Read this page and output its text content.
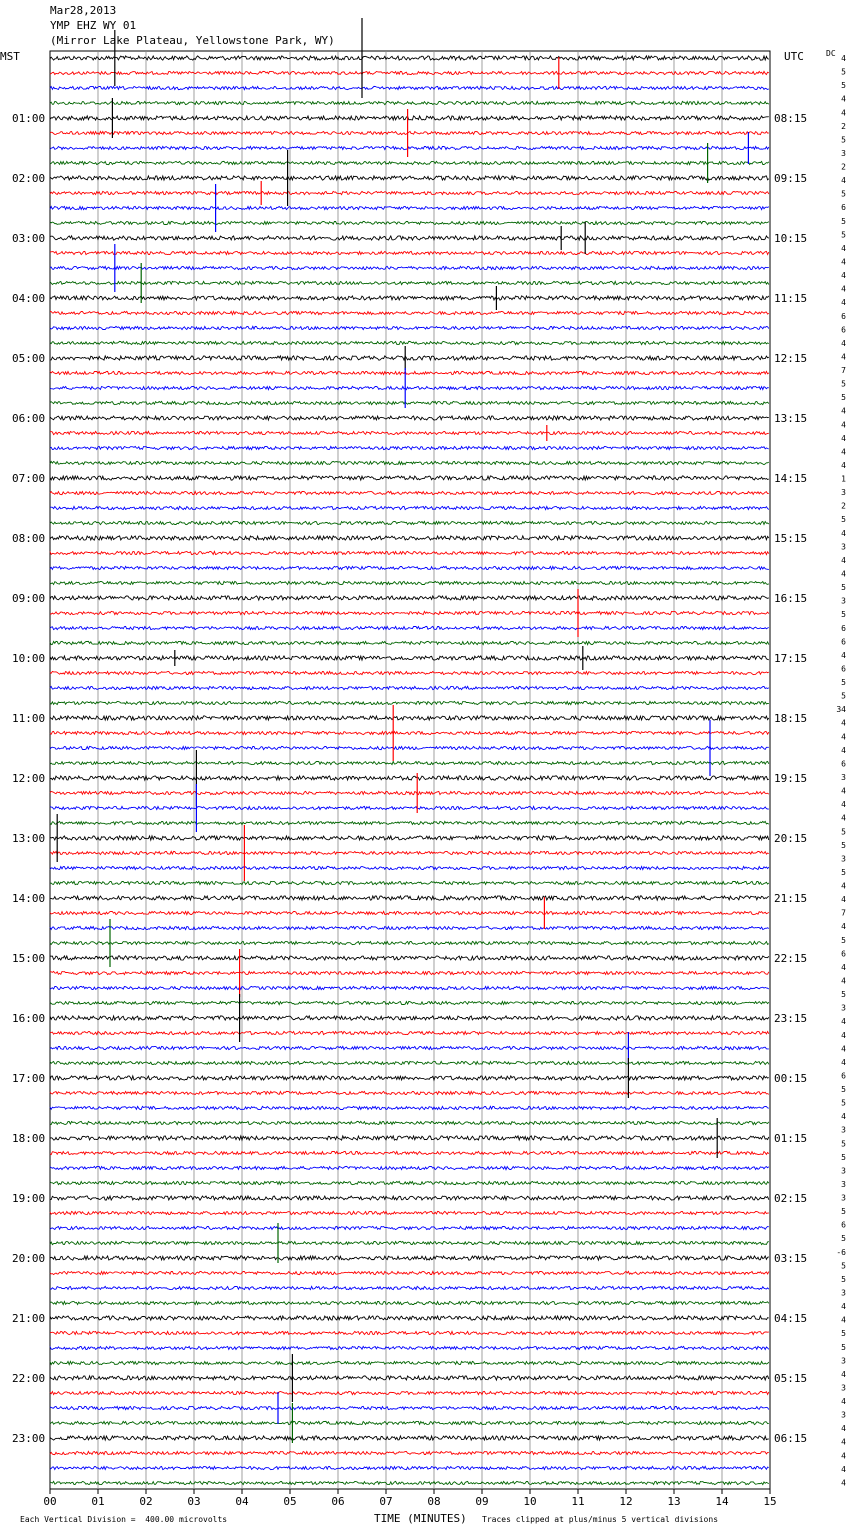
Mar28,2013
YMP EHZ WY 01
(Mirror Lake Plateau, Yellowstone Park, WY)
MST	UTC	DC
01:00
02:00
03:00
04:00
05:00
06:00
07:00
08:00
09:00
10:00
11:00
12:00
13:00
14:00
15:00
16:00
17:00
18:00
19:00
20:00
21:00
22:00
23:00
08:15
09:15
10:15
11:15
12:15
13:15
14:15
15:15
16:15
17:15
18:15
19:15
20:15
21:15
22:15
23:15
00:15
01:15
02:15
03:15
04:15
05:15
06:15
4
5
5
4
4
2
5
3
2
4
5
6
5
5
4
4
4
4
4
6
6
4
4
7
5
5
4
4
4
4
4
1
3
2
5
4
3
4
4
5
3
5
6
6
4
6
5
5
34
4
4
4
6
3
4
4
4
5
5
3
5
4
4
7
4
5
6
4
4
5
3
4
4
4
4
6
5
5
4
3
5
5
3
3
3
5
6
5
-6
5
5
3
4
4
5
5
3
4
3
4
3
4
4
4
4
4
00	01	02	03	04	05	06	07	08	09	10	11	12	13	14	15
Each Vertical Division =  400.00 microvolts	TIME (MINUTES) Traces clipped at plus/minus 5 vertical divisions
